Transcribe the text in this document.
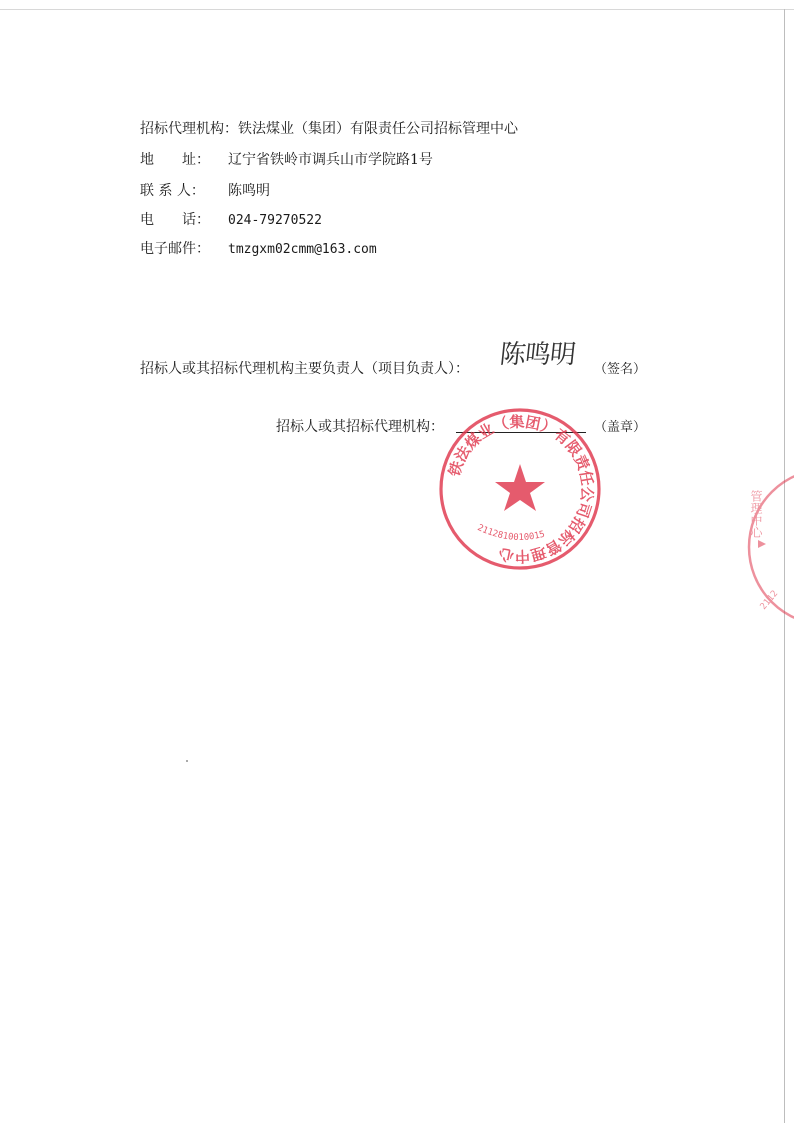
招标代理机构：铁法煤业（集团）有限责任公司招标管理中心
地　　址： 辽宁省铁岭市调兵山市学院路1号
联 系 人： 陈鸣明
电　　话： 024-79270522
电子邮件： tmzgxm02cmm@163.com
招标人或其招标代理机构主要负责人（项目负责人）： 陈鸣明	（签名）
招标人或其招标代理机构：	（盖章）
铁法煤业（集团）有限责任公司招标管理中心
2112810010015	管理中心
2112
